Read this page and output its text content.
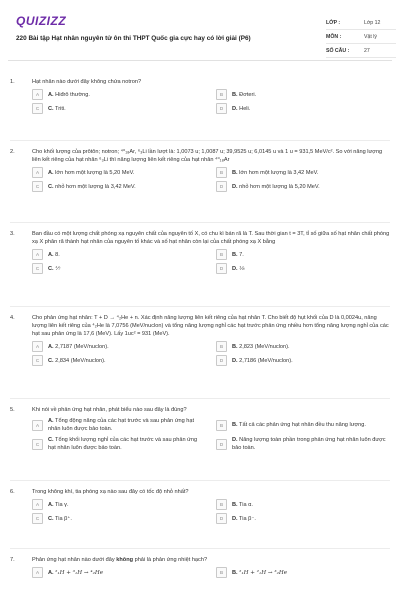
QUIZIZZ
220 Bài tập Hạt nhân nguyên tử ôn thi THPT Quốc gia cực hay có lời giải (P6)
LỚP :	Lớp 12
MÔN :	Vật lý
SỐ CÂU :	27
1.	Hạt nhân nào dưới đây không chứa notron?
A	A. Hiđrô thường.	B	B. Đơteri.
C	C. Triti.	D	D. Heli.
2.	Cho khối lượng của prôtôn; notron; ⁴⁰₁₈Ar, ⁶₃Li lần lượt là: 1,0073 u; 1,0087 u; 39,9525 u; 6,0145 u và 1 u = 931,5 MeV/c². So với năng lượng liên kết riêng của hạt nhân ⁶₃Li thì năng lượng liên kết riêng của hạt nhân ⁴⁰₁₈Ar
A	A. lớn hơn một lượng là 5,20 MeV.	B	B. lớn hơn một lượng là 3,42 MeV.
C	C. nhỏ hơn một lượng là 3,42 MeV.	D	D. nhỏ hơn một lượng là 5,20 MeV.
3.	Ban đầu có một lượng chất phóng xạ nguyên chất của nguyên tố X, có chu kì bán rã là T. Sau thời gian t = 3T, tỉ số giữa số hạt nhân chất phóng xạ X phân rã thành hạt nhân của nguyên tố khác và số hạt nhân còn lại của chất phóng xạ X bằng
A	A. 8.	B	B. 7.
C	C. ⅐	D	D. ⅛
4.	Cho phản ứng hạt nhân: T + D → ⁴₂He + n. Xác định năng lượng liên kết riêng của hạt nhân T. Cho biết độ hụt khối của D là 0,0024u, năng lượng liên kết riêng của ⁴₂He là 7,0756 (MeV/nuclon) và tổng năng lượng nghỉ các hạt trước phản ứng nhiều hơn tổng năng lượng nghỉ của các hạt sau phản ứng là 17,6 (MeV). Lấy 1uc² = 931 (MeV).
A	A. 2,7187 (MeV/nuclon).	B	B. 2,823 (MeV/nuclon).
C	C. 2,834 (MeV/nuclon).	D	D. 2,7186 (MeV/nuclon).
5.	Khi nói về phản ứng hạt nhân, phát biểu nào sau đây là đúng?
A
A. Tổng động năng của các hạt trước và sau phản ứng hạt nhân luôn được bảo toàn.
B	B. Tất cả các phản ứng hạt nhân đều thu năng lượng.
C
C. Tổng khối lượng nghỉ của các hạt trước và sau phản ứng hạt nhân luôn được bảo toàn.
D
D. Năng lượng toàn phần trong phản ứng hạt nhân luôn được bảo toàn.
6.	Trong không khí, tia phóng xạ nào sau đây có tốc độ nhỏ nhất?
A	A. Tia γ.	B	B. Tia α.
C	C. Tia β⁺.	D	D. Tia β⁻.
7.	Phản ứng hạt nhân nào dưới đây không phải là phản ứng nhiệt hạch?
A	A. ²₁H + ³₁H → ⁴₂He	B	B. ²₁H + ²₁H → ³₂He
